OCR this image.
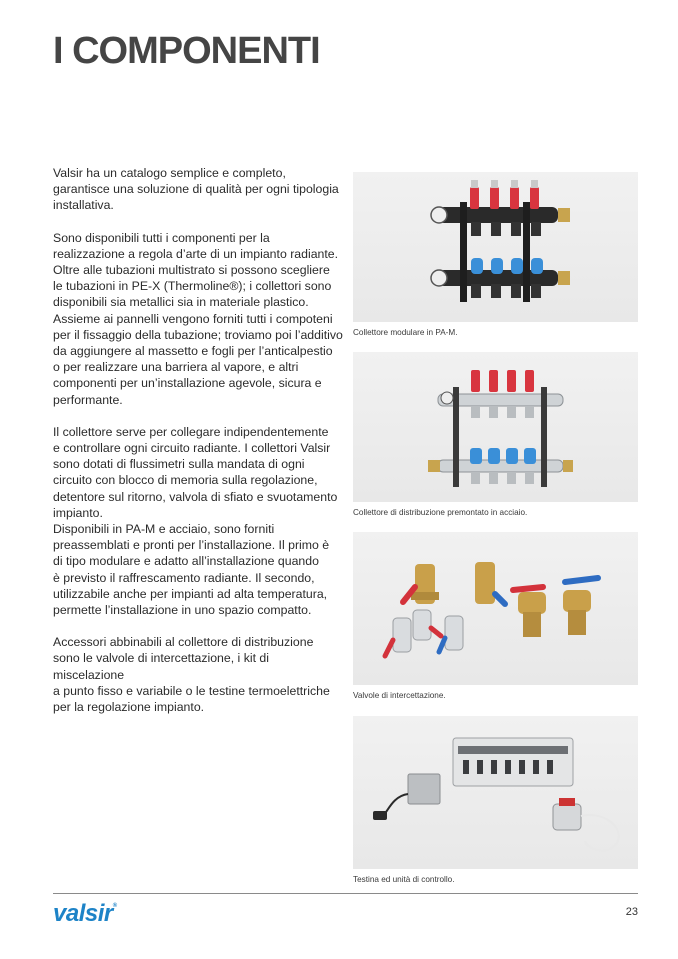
I COMPONENTI

Valsir ha un catalogo semplice e completo,
garantisce una soluzione di qualità per ogni tipologia
installativa.

Sono disponibili tutti i componenti per la
realizzazione a regola d’arte di un impianto radiante.
Oltre alle tubazioni multistrato si possono scegliere
le tubazioni in PE-X (Thermoline®); i collettori sono
disponibili sia metallici sia in materiale plastico.
Assieme ai pannelli vengono forniti tutti i compoteni
per il fissaggio della tubazione; troviamo poi l’additivo
da aggiungere al massetto e fogli per l’anticalpestio
o per realizzare una barriera al vapore, e altri
componenti per un’installazione agevole, sicura e
performante.

Il collettore serve per collegare indipendentemente
e controllare ogni circuito radiante. I collettori Valsir
sono dotati di flussimetri sulla mandata di ogni
circuito con blocco di memoria sulla regolazione,
detentore sul ritorno, valvola di sfiato e svuotamento
impianto.

Disponibili in PA-M e acciaio, sono forniti
preassemblati e pronti per l’installazione. Il primo è
di tipo modulare e adatto all’installazione quando
è previsto il raffrescamento radiante. Il secondo,
utilizzabile anche per impianti ad alta temperatura,
permette l’installazione in uno spazio compatto.

Accessori abbinabili al collettore di distribuzione
sono le valvole di intercettazione, i kit di miscelazione
a punto fisso e variabile o le testine termoelettriche
per la regolazione impianto.

Collettore modulare in PA-M.
Collettore di distribuzione premontato in acciaio.
Valvole di intercettazione.
Testina ed unità di controllo.
valsir®	23
